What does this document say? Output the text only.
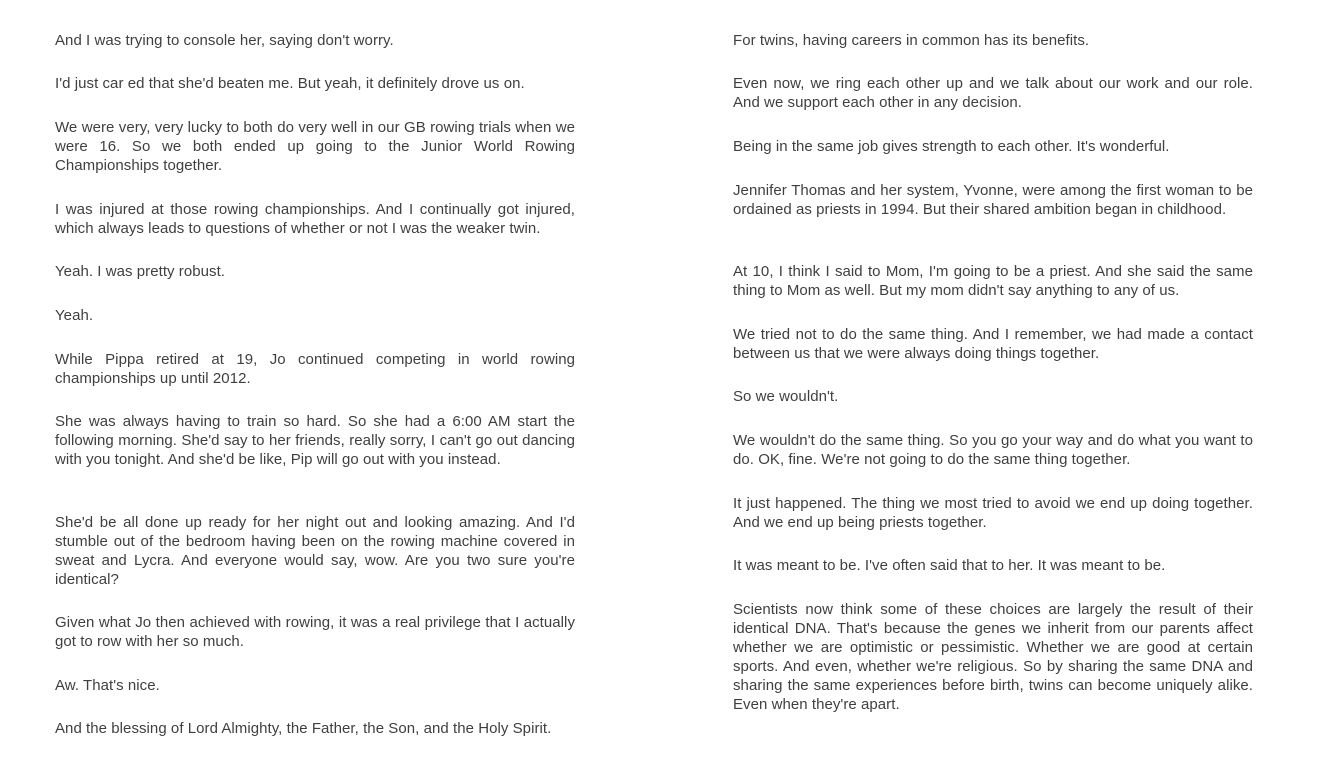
And I was trying to console her, saying don't worry.

I'd just car ed that she'd beaten me. But yeah, it definitely drove us on.

We were very, very lucky to both do very well in our GB rowing trials when we were 16. So we both ended up going to the Junior World Rowing Championships together.

I was injured at those rowing championships. And I continually got injured, which always leads to questions of whether or not I was the weaker twin.

Yeah. I was pretty robust.

Yeah.

While Pippa retired at 19, Jo continued competing in world rowing championships up until 2012.

She was always having to train so hard. So she had a 6:00 AM start the following morning. She'd say to her friends, really sorry, I can't go out dancing with you tonight. And she'd be like, Pip will go out with you instead.

She'd be all done up ready for her night out and looking amazing. And I'd stumble out of the bedroom having been on the rowing machine covered in sweat and Lycra. And everyone would say, wow. Are you two sure you're identical?

Given what Jo then achieved with rowing, it was a real privilege that I actually got to row with her so much.

Aw. That's nice.

And the blessing of Lord Almighty, the Father, the Son, and the Holy Spirit.

For twins, having careers in common has its benefits.

Even now, we ring each other up and we talk about our work and our role. And we support each other in any decision.

Being in the same job gives strength to each other. It's wonderful.

Jennifer Thomas and her system, Yvonne, were among the first woman to be ordained as priests in 1994. But their shared ambition began in childhood.

At 10, I think I said to Mom, I'm going to be a priest. And she said the same thing to Mom as well. But my mom didn't say anything to any of us.

We tried not to do the same thing. And I remember, we had made a contact between us that we were always doing things together.

So we wouldn't.

We wouldn't do the same thing. So you go your way and do what you want to do. OK, fine. We're not going to do the same thing together.

It just happened. The thing we most tried to avoid we end up doing together. And we end up being priests together.

It was meant to be. I've often said that to her. It was meant to be.

Scientists now think some of these choices are largely the result of their identical DNA. That's because the genes we inherit from our parents affect whether we are optimistic or pessimistic. Whether we are good at certain sports. And even, whether we're religious. So by sharing the same DNA and sharing the same experiences before birth, twins can become uniquely alike. Even when they're apart.
